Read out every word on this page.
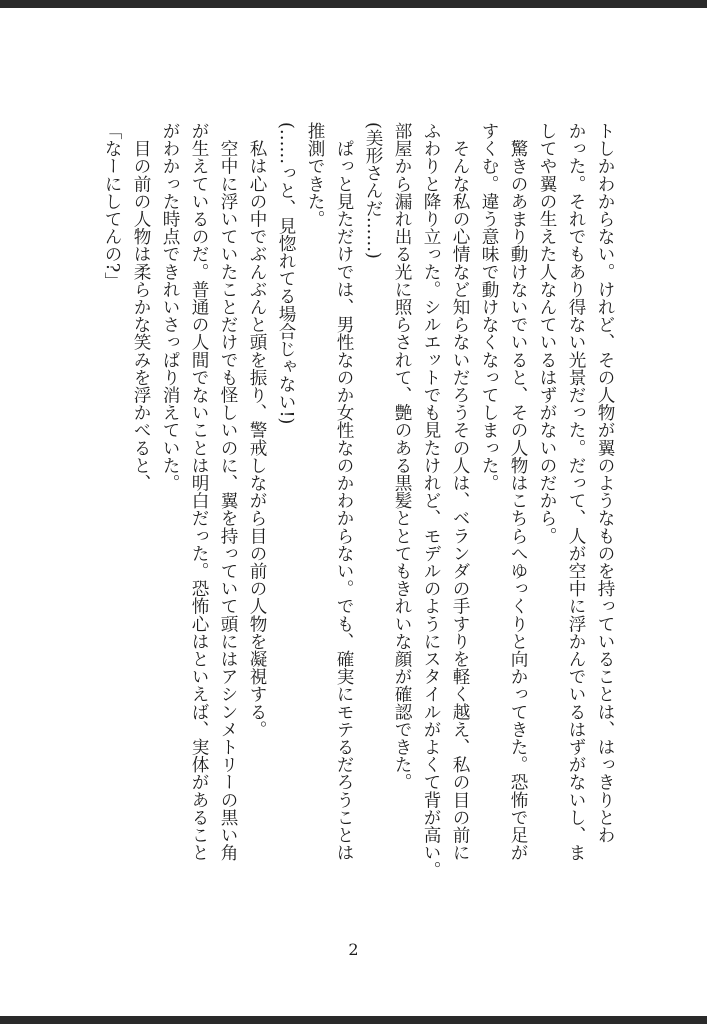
トしかわからない。けれど、その人物が翼のようなものを持っていることは、はっきりとわ
かった。それでもあり得ない光景だった。だって、人が空中に浮かんでいるはずがないし、ま
してや翼の生えた人なんているはずがないのだから。
　驚きのあまり動けないでいると、その人物はこちらへゆっくりと向かってきた。恐怖で足が
すくむ。違う意味で動けなくなってしまった。
　そんな私の心情など知らないだろうその人は、ベランダの手すりを軽く越え、私の目の前に
ふわりと降り立った。シルエットでも見たけれど、モデルのようにスタイルがよくて背が高い。
部屋から漏れ出る光に照らされて、艶のある黒髪ととてもきれいな顔が確認できた。
(美形さんだ……)
　ぱっと見ただけでは、男性なのか女性なのかわからない。でも、確実にモテるだろうことは
推測できた。
(……っと、見惚れてる場合じゃない!)
　私は心の中でぶんぶんと頭を振り、警戒しながら目の前の人物を凝視する。
　空中に浮いていたことだけでも怪しいのに、翼を持っていて頭にはアシンメトリーの黒い角
が生えているのだ。普通の人間でないことは明白だった。恐怖心はといえば、実体があること
がわかった時点できれいさっぱり消えていた。
　目の前の人物は柔らかな笑みを浮かべると、
「なーにしてんの?」
2
